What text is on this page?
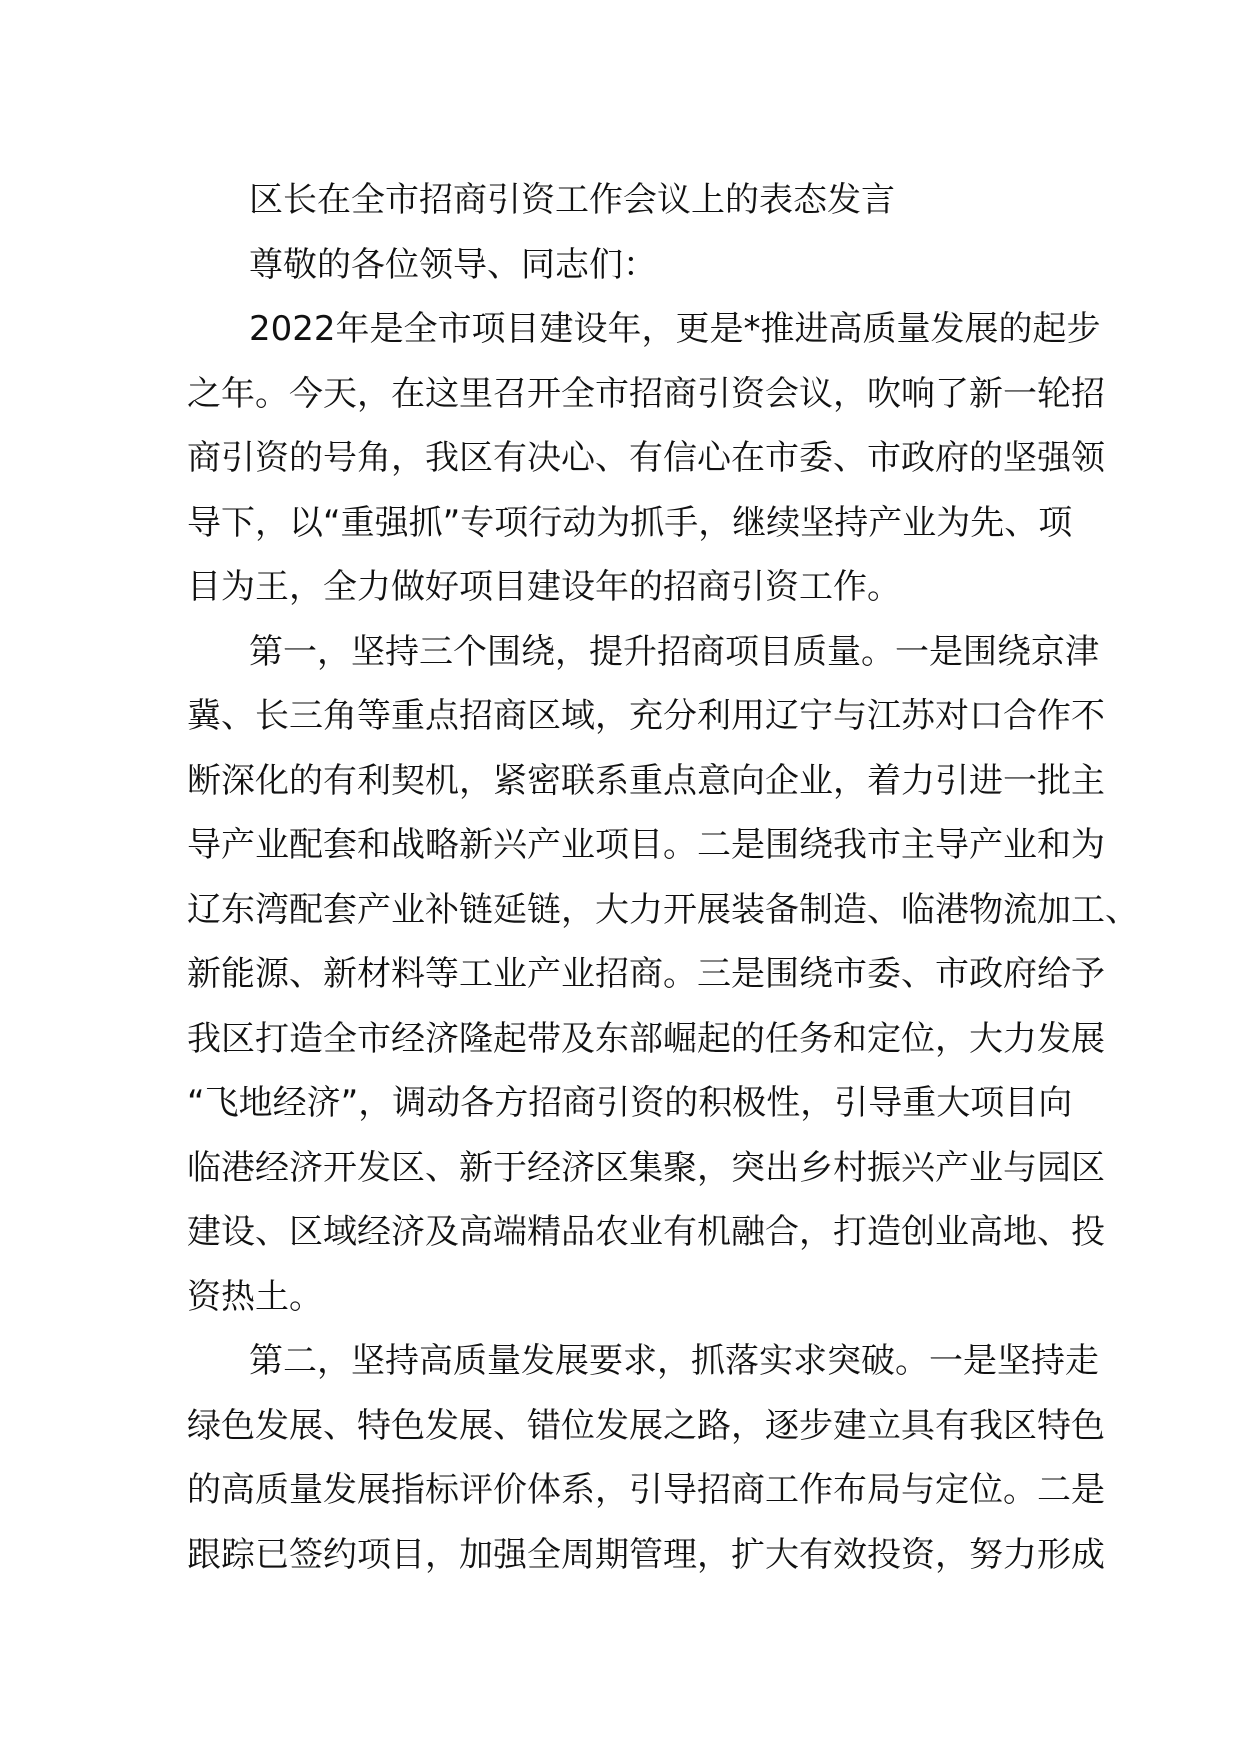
区长在全市招商引资工作会议上的表态发言
尊敬的各位领导、同志们：
2022年是全市项目建设年，更是*推进高质量发展的起步
之年。今天，在这里召开全市招商引资会议，吹响了新一轮招
商引资的号角，我区有决心、有信心在市委、市政府的坚强领
导下，以“重强抓”专项行动为抓手，继续坚持产业为先、项
目为王，全力做好项目建设年的招商引资工作。
第一，坚持三个围绕，提升招商项目质量。一是围绕京津
冀、长三角等重点招商区域，充分利用辽宁与江苏对口合作不
断深化的有利契机，紧密联系重点意向企业，着力引进一批主
导产业配套和战略新兴产业项目。二是围绕我市主导产业和为
辽东湾配套产业补链延链，大力开展装备制造、临港物流加工、
新能源、新材料等工业产业招商。三是围绕市委、市政府给予
我区打造全市经济隆起带及东部崛起的任务和定位，大力发展
“飞地经济”，调动各方招商引资的积极性，引导重大项目向
临港经济开发区、新于经济区集聚，突出乡村振兴产业与园区
建设、区域经济及高端精品农业有机融合，打造创业高地、投
资热土。
第二，坚持高质量发展要求，抓落实求突破。一是坚持走
绿色发展、特色发展、错位发展之路，逐步建立具有我区特色
的高质量发展指标评价体系，引导招商工作布局与定位。二是
跟踪已签约项目，加强全周期管理，扩大有效投资，努力形成
